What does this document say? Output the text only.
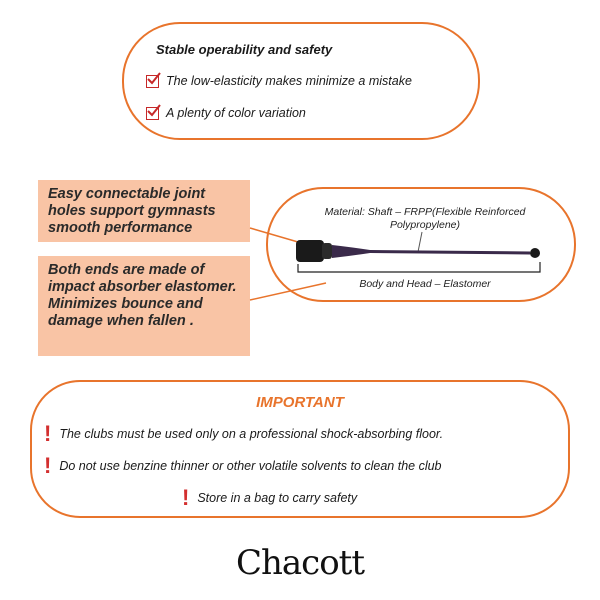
Stable operability and safety
The low-elasticity makes minimize a mistake
A plenty of color variation
Easy connectable joint holes support gymnasts smooth performance
Both ends are made of impact absorber elastomer. Minimizes bounce and damage when fallen .
Material: Shaft – FRPP(Flexible Reinforced Polypropylene)
Body and Head – Elastomer
IMPORTANT
! The clubs must be used only on a professional shock-absorbing floor.
! Do not use benzine thinner or other volatile solvents to clean the club
! Store in a bag to carry safety
Chacott
